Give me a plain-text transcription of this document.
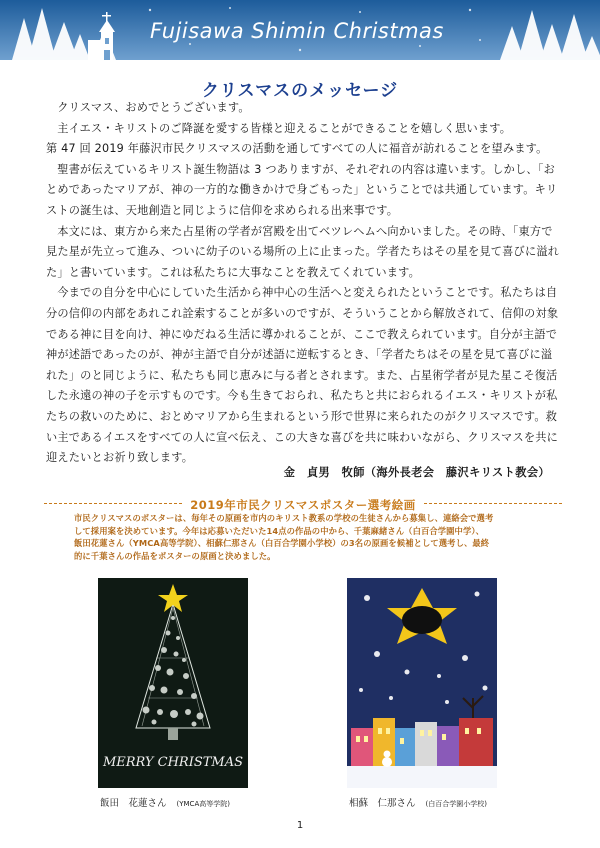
Fujisawa Shimin Christmas
クリスマスのメッセージ

クリスマス、おめでとうございます。

主イエス・キリストのご降誕を愛する皆様と迎えることができることを嬉しく思います。

第 47 回 2019 年藤沢市民クリスマスの活動を通してすべての人に福音が訪れることを望みます。

聖書が伝えているキリスト誕生物語は 3 つありますが、それぞれの内容は違います。しかし、「おとめであったマリアが、神の一方的な働きかけで身ごもった」ということでは共通しています。キリストの誕生は、天地創造と同じように信仰を求められる出来事です。

本文には、東方から来た占星術の学者が宮殿を出てベツレヘムへ向かいました。その時、「東方で見た星が先立って進み、ついに幼子のいる場所の上に止まった。学者たちはその星を見て喜びに溢れた」と書いています。これは私たちに大事なことを教えてくれています。

今までの自分を中心にしていた生活から神中心の生活へと変えられたということです。私たちは自分の信仰の内部をあれこれ詮索することが多いのですが、そういうことから解放されて、信仰の対象である神に目を向け、神にゆだねる生活に導かれることが、ここで教えられています。自分が主語で神が述語であったのが、神が主語で自分が述語に逆転するとき、「学者たちはその星を見て喜びに溢れた」のと同じように、私たちも同じ恵みに与る者とされます。また、占星術学者が見た星こそ復活した永遠の神の子を示すものです。今も生きておられ、私たちと共におられるイエス・キリストが私たちの救いのために、おとめマリアから生まれるという形で世界に来られたのがクリスマスです。救い主であるイエスをすべての人に宣べ伝え、この大きな喜びを共に味わいながら、クリスマスを共に迎えたいとお祈り致します。

金　貞男　牧師（海外長老会　藤沢キリスト教会）
2019年市民クリスマスポスター選考絵画

市民クリスマスのポスターは、毎年その原画を市内のキリスト教系の学校の生徒さんから募集し、連絡会で選考

して採用案を決めています。今年は応募いただいた14点の作品の中から、千葉麻緒さん（白百合学園中学）、

飯田花蓮さん（YMCA高等学院）、相蘇仁那さん（白百合学園小学校）の3名の原画を候補として選考し、最終

的に千葉さんの作品をポスターの原画と決めました。

MERRY CHRISTMAS
飯田　花蓮さん (YMCA高等学院)	相蘇　仁那さん (白百合学園小学校)
1
